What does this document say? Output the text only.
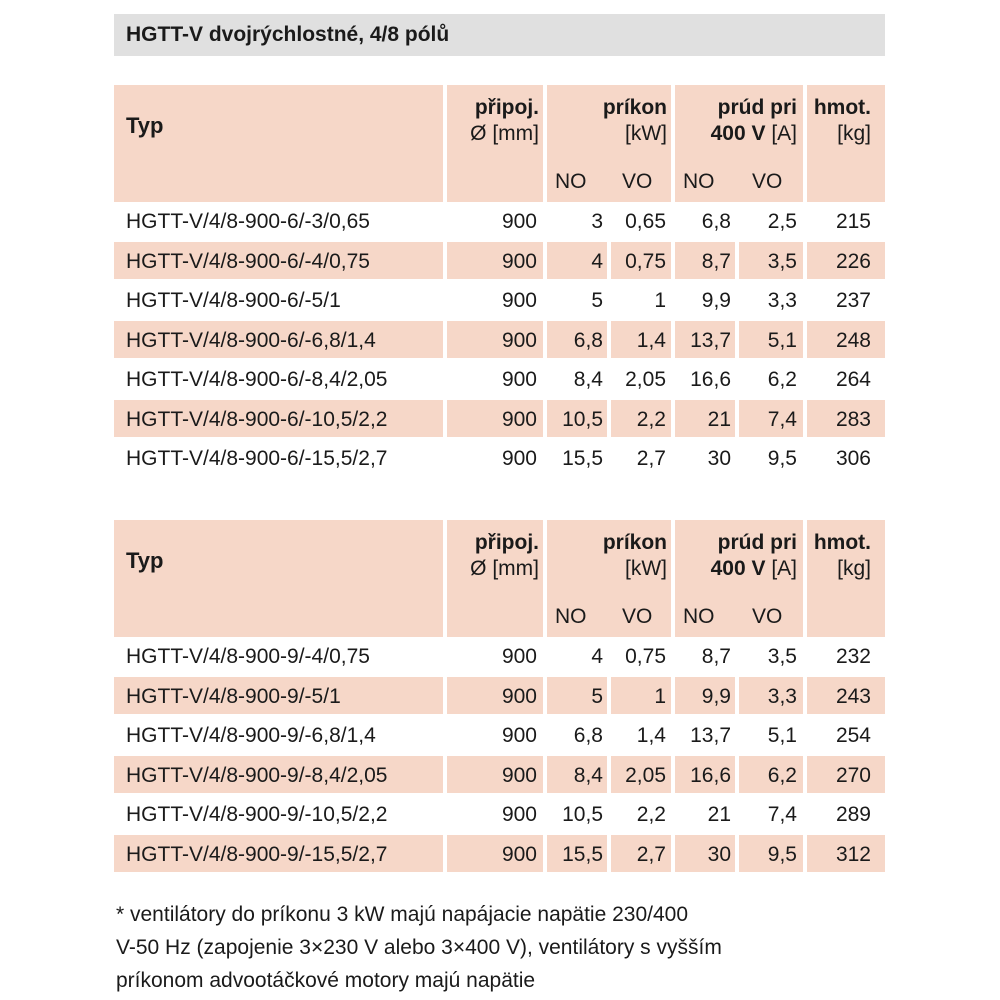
HGTT-V dvojrýchlostné, 4/8 pólů
Typ
připoj.
Ø [mm]
príkon
[kW]
NO VO
prúd pri
400 V [A]
NO VO
hmot.
[kg]
HGTT-V/4/8-900-6/-3/0,65	900	3	0,65	6,8	2,5	215
HGTT-V/4/8-900-6/-4/0,75	900	4	0,75	8,7	3,5	226
HGTT-V/4/8-900-6/-5/1	900	5	1	9,9	3,3	237
HGTT-V/4/8-900-6/-6,8/1,4	900	6,8	1,4	13,7	5,1	248
HGTT-V/4/8-900-6/-8,4/2,05	900	8,4	2,05	16,6	6,2	264
HGTT-V/4/8-900-6/-10,5/2,2	900	10,5	2,2	21	7,4	283
HGTT-V/4/8-900-6/-15,5/2,7	900	15,5	2,7	30	9,5	306
Typ
připoj.
Ø [mm]
príkon
[kW]
NO VO
prúd pri
400 V [A]
NO VO
hmot.
[kg]
HGTT-V/4/8-900-9/-4/0,75	900	4	0,75	8,7	3,5	232
HGTT-V/4/8-900-9/-5/1	900	5	1	9,9	3,3	243
HGTT-V/4/8-900-9/-6,8/1,4	900	6,8	1,4	13,7	5,1	254
HGTT-V/4/8-900-9/-8,4/2,05	900	8,4	2,05	16,6	6,2	270
HGTT-V/4/8-900-9/-10,5/2,2	900	10,5	2,2	21	7,4	289
HGTT-V/4/8-900-9/-15,5/2,7	900	15,5	2,7	30	9,5	312
* ventilátory do príkonu 3 kW majú napájacie napätie 230/400
V-50 Hz (zapojenie 3×230 V alebo 3×400 V), ventilátory s vyšším
príkonom advootáčkové motory majú napätie
